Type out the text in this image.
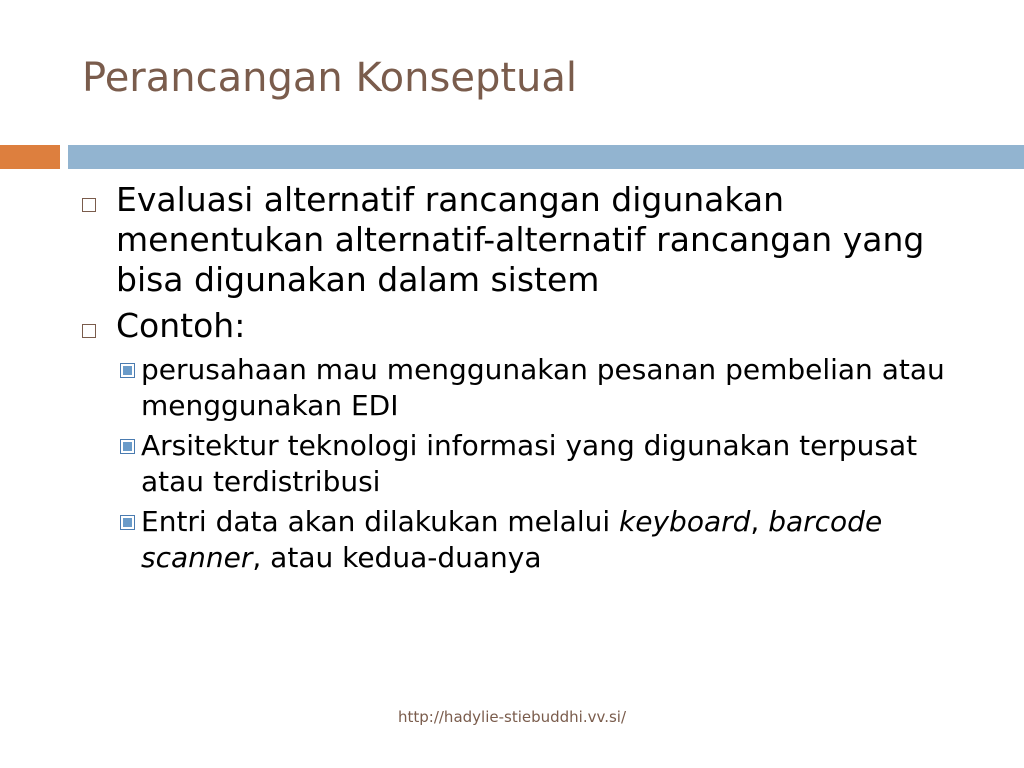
Perancangan Konseptual
Evaluasi alternatif rancangan digunakan menentukan alternatif-alternatif rancangan yang bisa digunakan dalam sistem
Contoh:
perusahaan mau menggunakan pesanan pembelian atau menggunakan EDI
Arsitektur teknologi informasi yang digunakan terpusat atau terdistribusi
Entri data akan dilakukan melalui keyboard, barcode scanner, atau kedua-duanya
http://hadylie-stiebuddhi.vv.si/
